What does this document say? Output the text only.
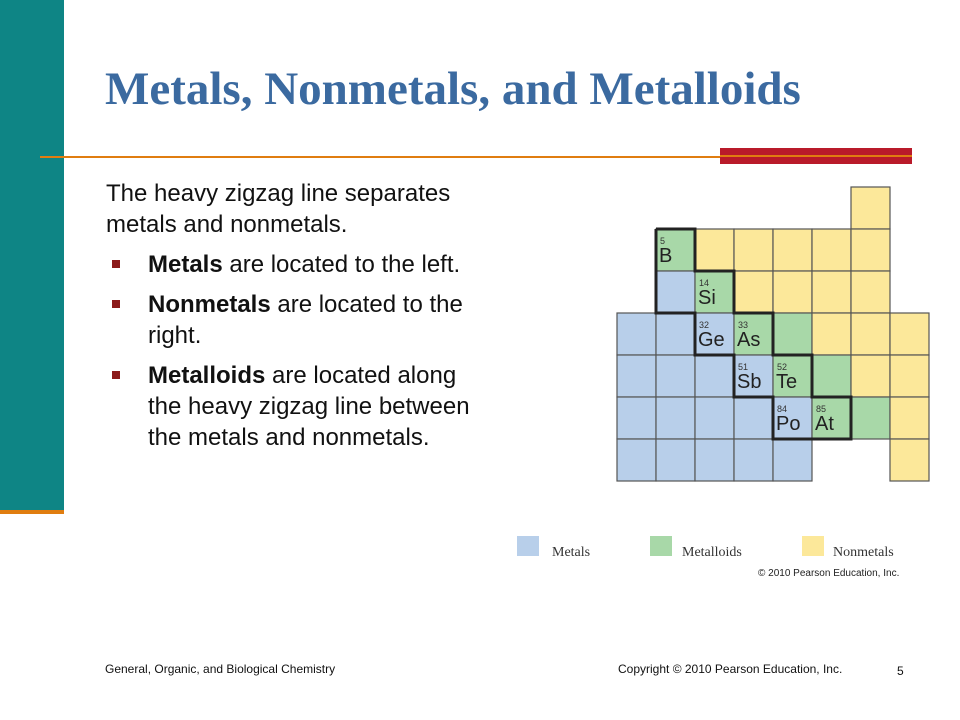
Metals, Nonmetals, and Metalloids

The heavy zigzag line separates metals and nonmetals.

Metals are located to the left.
Nonmetals are located to the right.
Metalloids are located along the heavy zigzag line between the metals and nonmetals.
5
B
14
Si
32
Ge
33
As
51
Sb
52
Te
84
Po
85
At
Metals	Metalloids	Nonmetals
© 2010 Pearson Education, Inc.
General, Organic, and Biological Chemistry	Copyright © 2010 Pearson Education, Inc.	5
